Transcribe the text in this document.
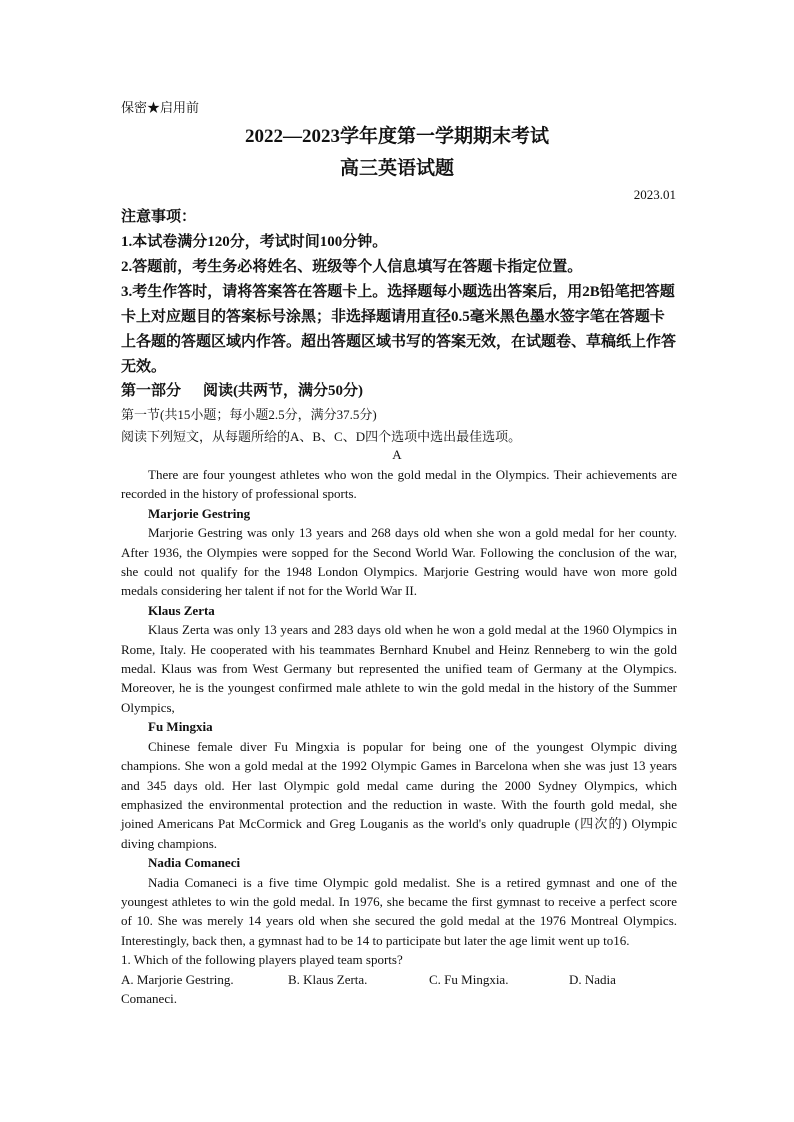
保密★启用前
2022—2023学年度第一学期期末考试
高三英语试题
2023.01

注意事项：

1.本试卷满分120分，考试时间100分钟。

2.答题前，考生务必将姓名、班级等个人信息填写在答题卡指定位置。

3.考生作答时，请将答案答在答题卡上。选择题每小题选出答案后，用2B铅笔把答题卡上对应题目的答案标号涂黑；非选择题请用直径0.5毫米黑色墨水签字笔在答题卡上各题的答题区域内作答。超出答题区域书写的答案无效，在试题卷、草稿纸上作答无效。

第一部分 阅读(共两节，满分50分)
第一节(共15小题；每小题2.5分，满分37.5分)
阅读下列短文，从每题所给的A、B、C、D四个选项中选出最佳选项。
A

There are four youngest athletes who won the gold medal in the Olympics. Their achievements are recorded in the history of professional sports.

Marjorie Gestring

Marjorie Gestring was only 13 years and 268 days old when she won a gold medal for her county. After 1936, the Olympies were sopped for the Second World War. Following the conclusion of the war, she could not qualify for the 1948 London Olympics. Marjorie Gestring would have won more gold medals considering her talent if not for the World War II.

Klaus Zerta

Klaus Zerta was only 13 years and 283 days old when he won a gold medal at the 1960 Olympics in Rome, Italy. He cooperated with his teammates Bernhard Knubel and Heinz Renneberg to win the gold medal. Klaus was from West Germany but represented the unified team of Germany at the Olympics. Moreover, he is the youngest confirmed male athlete to win the gold medal in the history of the Summer Olympics,

Fu Mingxia

Chinese female diver Fu Mingxia is popular for being one of the youngest Olympic diving champions. She won a gold medal at the 1992 Olympic Games in Barcelona when she was just 13 years and 345 days old. Her last Olympic gold medal came during the 2000 Sydney Olympics, which emphasized the environmental protection and the reduction in waste. With the fourth gold medal, she joined Americans Pat McCormick and Greg Louganis as the world's only quadruple (四次的) Olympic diving champions.

Nadia Comaneci

Nadia Comaneci is a five time Olympic gold medalist. She is a retired gymnast and one of the youngest athletes to win the gold medal. In 1976, she became the first gymnast to receive a perfect score of 10. She was merely 14 years old when she secured the gold medal at the 1976 Montreal Olympics. Interestingly, back then, a gymnast had to be 14 to participate but later the age limit went up to16.

1. Which of the following players played team sports?

A. Marjorie Gestring.	B. Klaus Zerta.	C. Fu Mingxia.	D. Nadia

Comaneci.
